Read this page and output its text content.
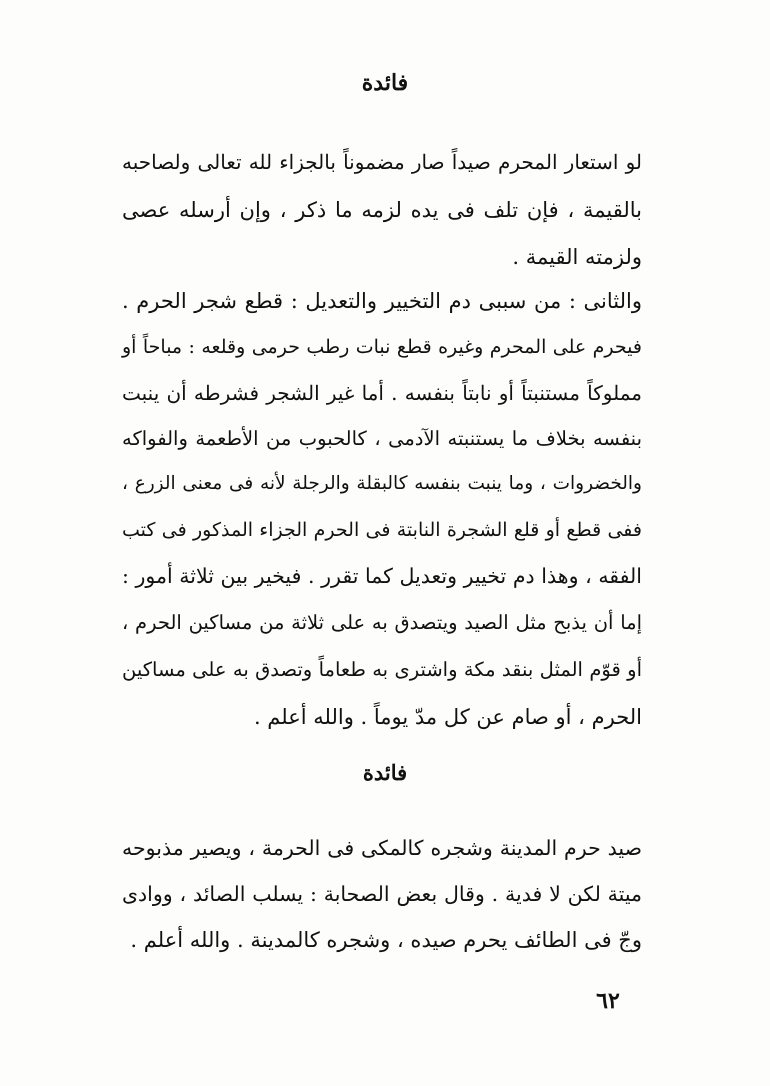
فائدة
لو استعار المحرم صيداً صار مضموناً بالجزاء لله تعالى ولصاحبه
بالقيمة ، فإن تلف فى يده لزمه ما ذكر ، وإن أرسله عصى
ولزمته القيمة .
والثانى : من سببى دم التخيير والتعديل : قطع شجر الحرم .
فيحرم على المحرم وغيره قطع نبات رطب حرمى وقلعه : مباحاً أو
مملوكاً مستنبتاً أو نابتاً بنفسه . أما غير الشجر فشرطه أن ينبت
بنفسه بخلاف ما يستنبته الآدمى ، كالحبوب من الأطعمة والفواكه
والخضروات ، وما ينبت بنفسه كالبقلة والرجلة لأنه فى معنى الزرع ،
ففى قطع أو قلع الشجرة النابتة فى الحرم الجزاء المذكور فى كتب
الفقه ، وهذا دم تخيير وتعديل كما تقرر . فيخير بين ثلاثة أمور :
إما أن يذبح مثل الصيد ويتصدق به على ثلاثة من مساكين الحرم ،
أو قوّم المثل بنقد مكة واشترى به طعاماً وتصدق به على مساكين
الحرم ، أو صام عن كل مدّ يوماً . والله أعلم .
فائدة
صيد حرم المدينة وشجره كالمكى فى الحرمة ، ويصير مذبوحه
ميتة لكن لا فدية . وقال بعض الصحابة : يسلب الصائد ، ووادى
وجّ فى الطائف يحرم صيده ، وشجره كالمدينة . والله أعلم .
٦٢
